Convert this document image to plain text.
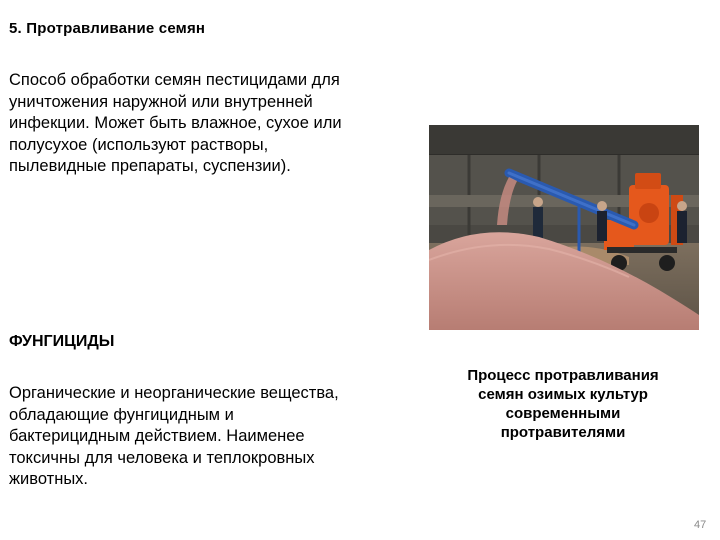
5. Протравливание семян
Способ обработки семян пестицидами для
уничтожения наружной или внутренней
инфекции. Может быть влажное, сухое или
полусухое (используют растворы,
пылевидные препараты, суспензии).
ФУНГИЦИДЫ
Органические и неорганические вещества,
обладающие фунгицидным и
бактерицидным действием. Наименее
токсичны для человека и теплокровных
животных.
Процесс протравливания
семян озимых культур
современными
протравителями
47
